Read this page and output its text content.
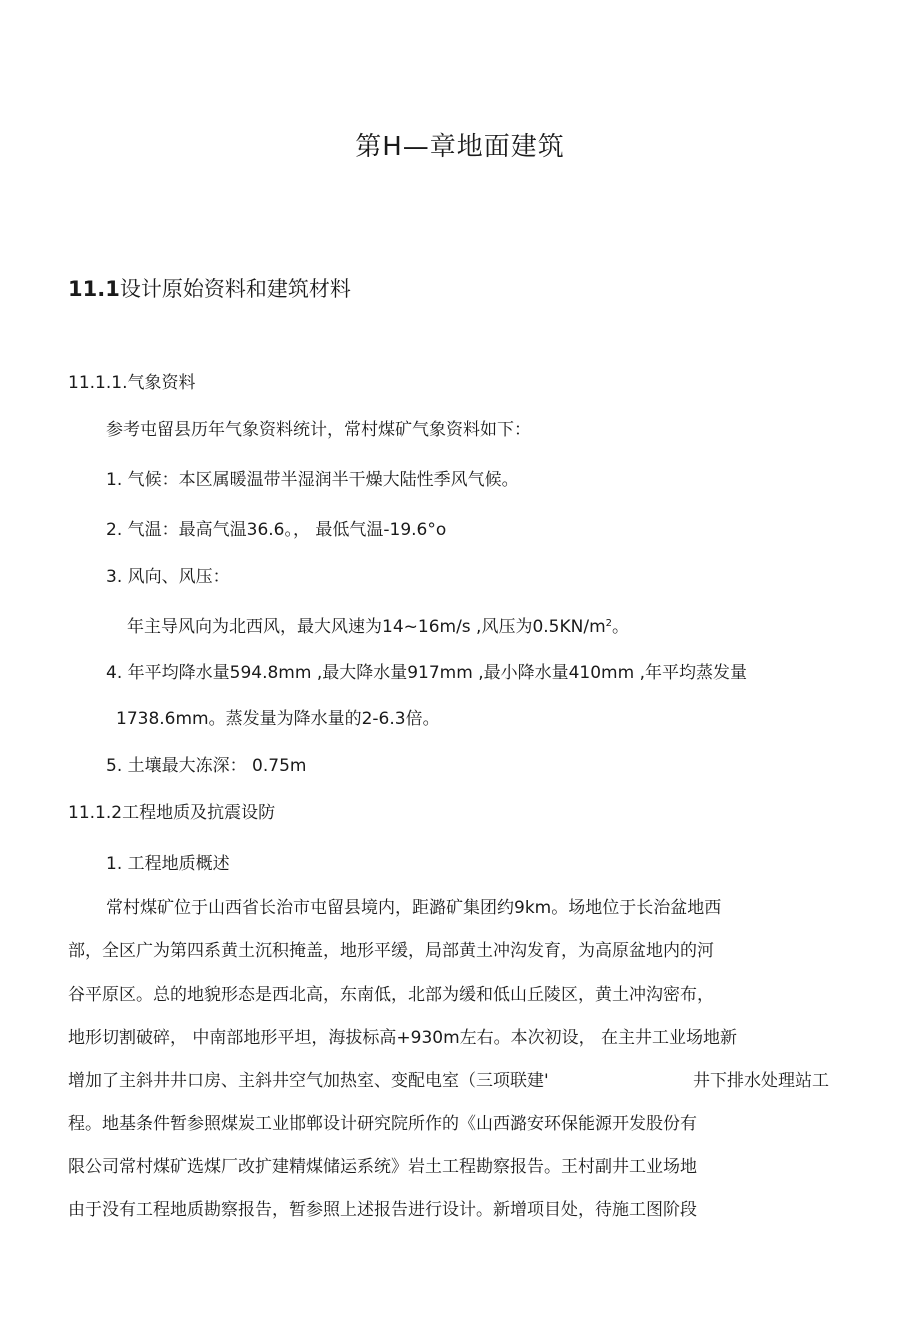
第H—章地面建筑
11.1设计原始资料和建筑材料
11.1.1.气象资料
参考屯留县历年气象资料统计，常村煤矿气象资料如下：
1. 气候：本区属暖温带半湿润半干燥大陆性季风气候。
2. 气温：最高气温36.6。， 最低气温-19.6°o
3. 风向、风压：
年主导风向为北西风，最大风速为14~16m/s ,风压为$0.5KN/m^2$。
4. 年平均降水量594.8mm ,最大降水量917mm ,最小降水量410mm ,年平均蒸发量
1738.6mm。蒸发量为降水量的2-6.3倍。
5. 土壤最大冻深： 0.75m
11.1.2工程地质及抗震设防
1. 工程地质概述
常村煤矿位于山西省长治市屯留县境内，距潞矿集团约9km。场地位于长治盆地西
部，全区广为第四系黄土沉积掩盖，地形平缓，局部黄土冲沟发育，为高原盆地内的河
谷平原区。总的地貌形态是西北高，东南低，北部为缓和低山丘陵区，黄土冲沟密布，
地形切割破碎， 中南部地形平坦，海拔标高+930m左右。本次初设， 在主井工业场地新
增加了主斜井井口房、主斜井空气加热室、变配电室（三项联建'	井下排水处理站工
程。地基条件暂参照煤炭工业邯郸设计研究院所作的《山西潞安环保能源开发股份有
限公司常村煤矿选煤厂改扩建精煤储运系统》岩土工程勘察报告。王村副井工业场地
由于没有工程地质勘察报告，暂参照上述报告进行设计。新增项目处，待施工图阶段
